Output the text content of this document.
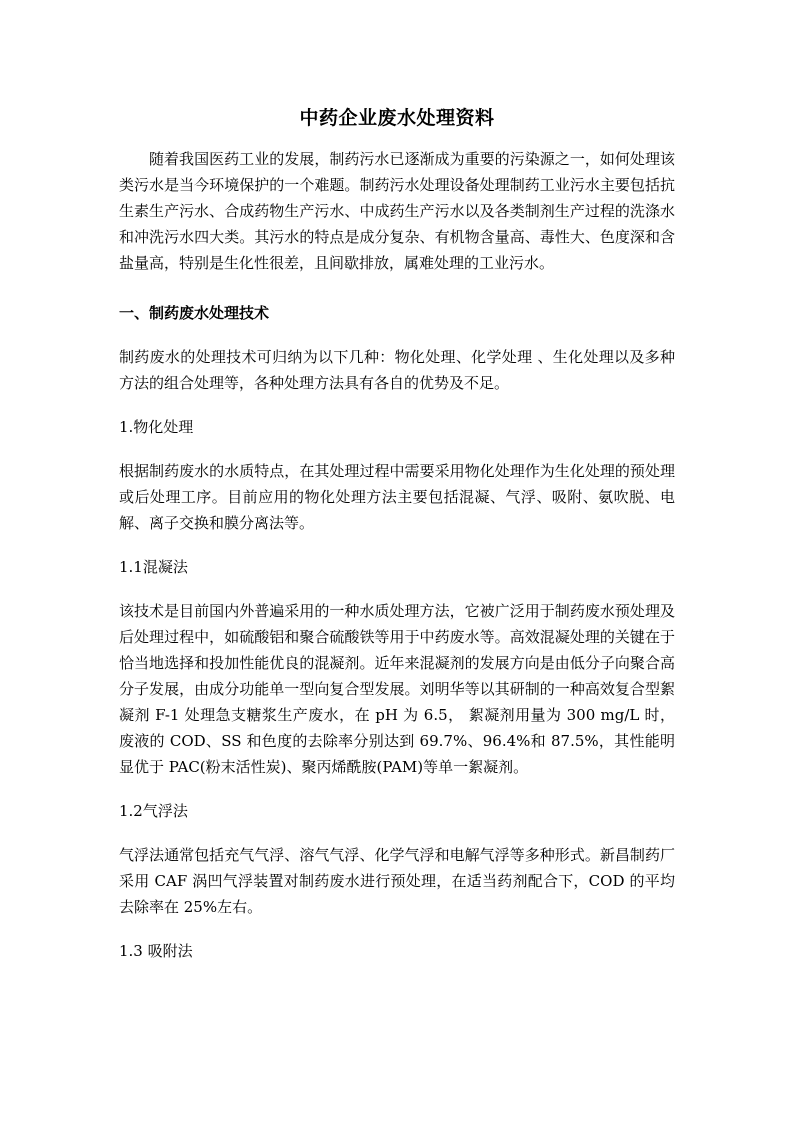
中药企业废水处理资料

随着我国医药工业的发展，制药污水已逐渐成为重要的污染源之一，如何处理该类污水是当今环境保护的一个难题。制药污水处理设备处理制药工业污水主要包括抗生素生产污水、合成药物生产污水、中成药生产污水以及各类制剂生产过程的洗涤水和冲洗污水四大类。其污水的特点是成分复杂、有机物含量高、毒性大、色度深和含盐量高，特别是生化性很差，且间歇排放，属难处理的工业污水。

一、制药废水处理技术

制药废水的处理技术可归纳为以下几种：物化处理、化学处理 、生化处理以及多种方法的组合处理等，各种处理方法具有各自的优势及不足。

1.物化处理

根据制药废水的水质特点，在其处理过程中需要采用物化处理作为生化处理的预处理或后处理工序。目前应用的物化处理方法主要包括混凝、气浮、吸附、氨吹脱、电解、离子交换和膜分离法等。

1.1混凝法

该技术是目前国内外普遍采用的一种水质处理方法，它被广泛用于制药废水预处理及后处理过程中，如硫酸铝和聚合硫酸铁等用于中药废水等。高效混凝处理的关键在于恰当地选择和投加性能优良的混凝剂。近年来混凝剂的发展方向是由低分子向聚合高分子发展，由成分功能单一型向复合型发展。刘明华等以其研制的一种高效复合型絮凝剂 F-1 处理急支糖浆生产废水，在 pH 为 6.5， 絮凝剂用量为 300 mg/L 时，废液的 COD、SS 和色度的去除率分别达到 69.7%、96.4%和 87.5%，其性能明显优于 PAC(粉末活性炭)、聚丙烯酰胺(PAM)等单一絮凝剂。

1.2气浮法

气浮法通常包括充气气浮、溶气气浮、化学气浮和电解气浮等多种形式。新昌制药厂采用 CAF 涡凹气浮装置对制药废水进行预处理，在适当药剂配合下，COD 的平均去除率在 25%左右。

1.3 吸附法
